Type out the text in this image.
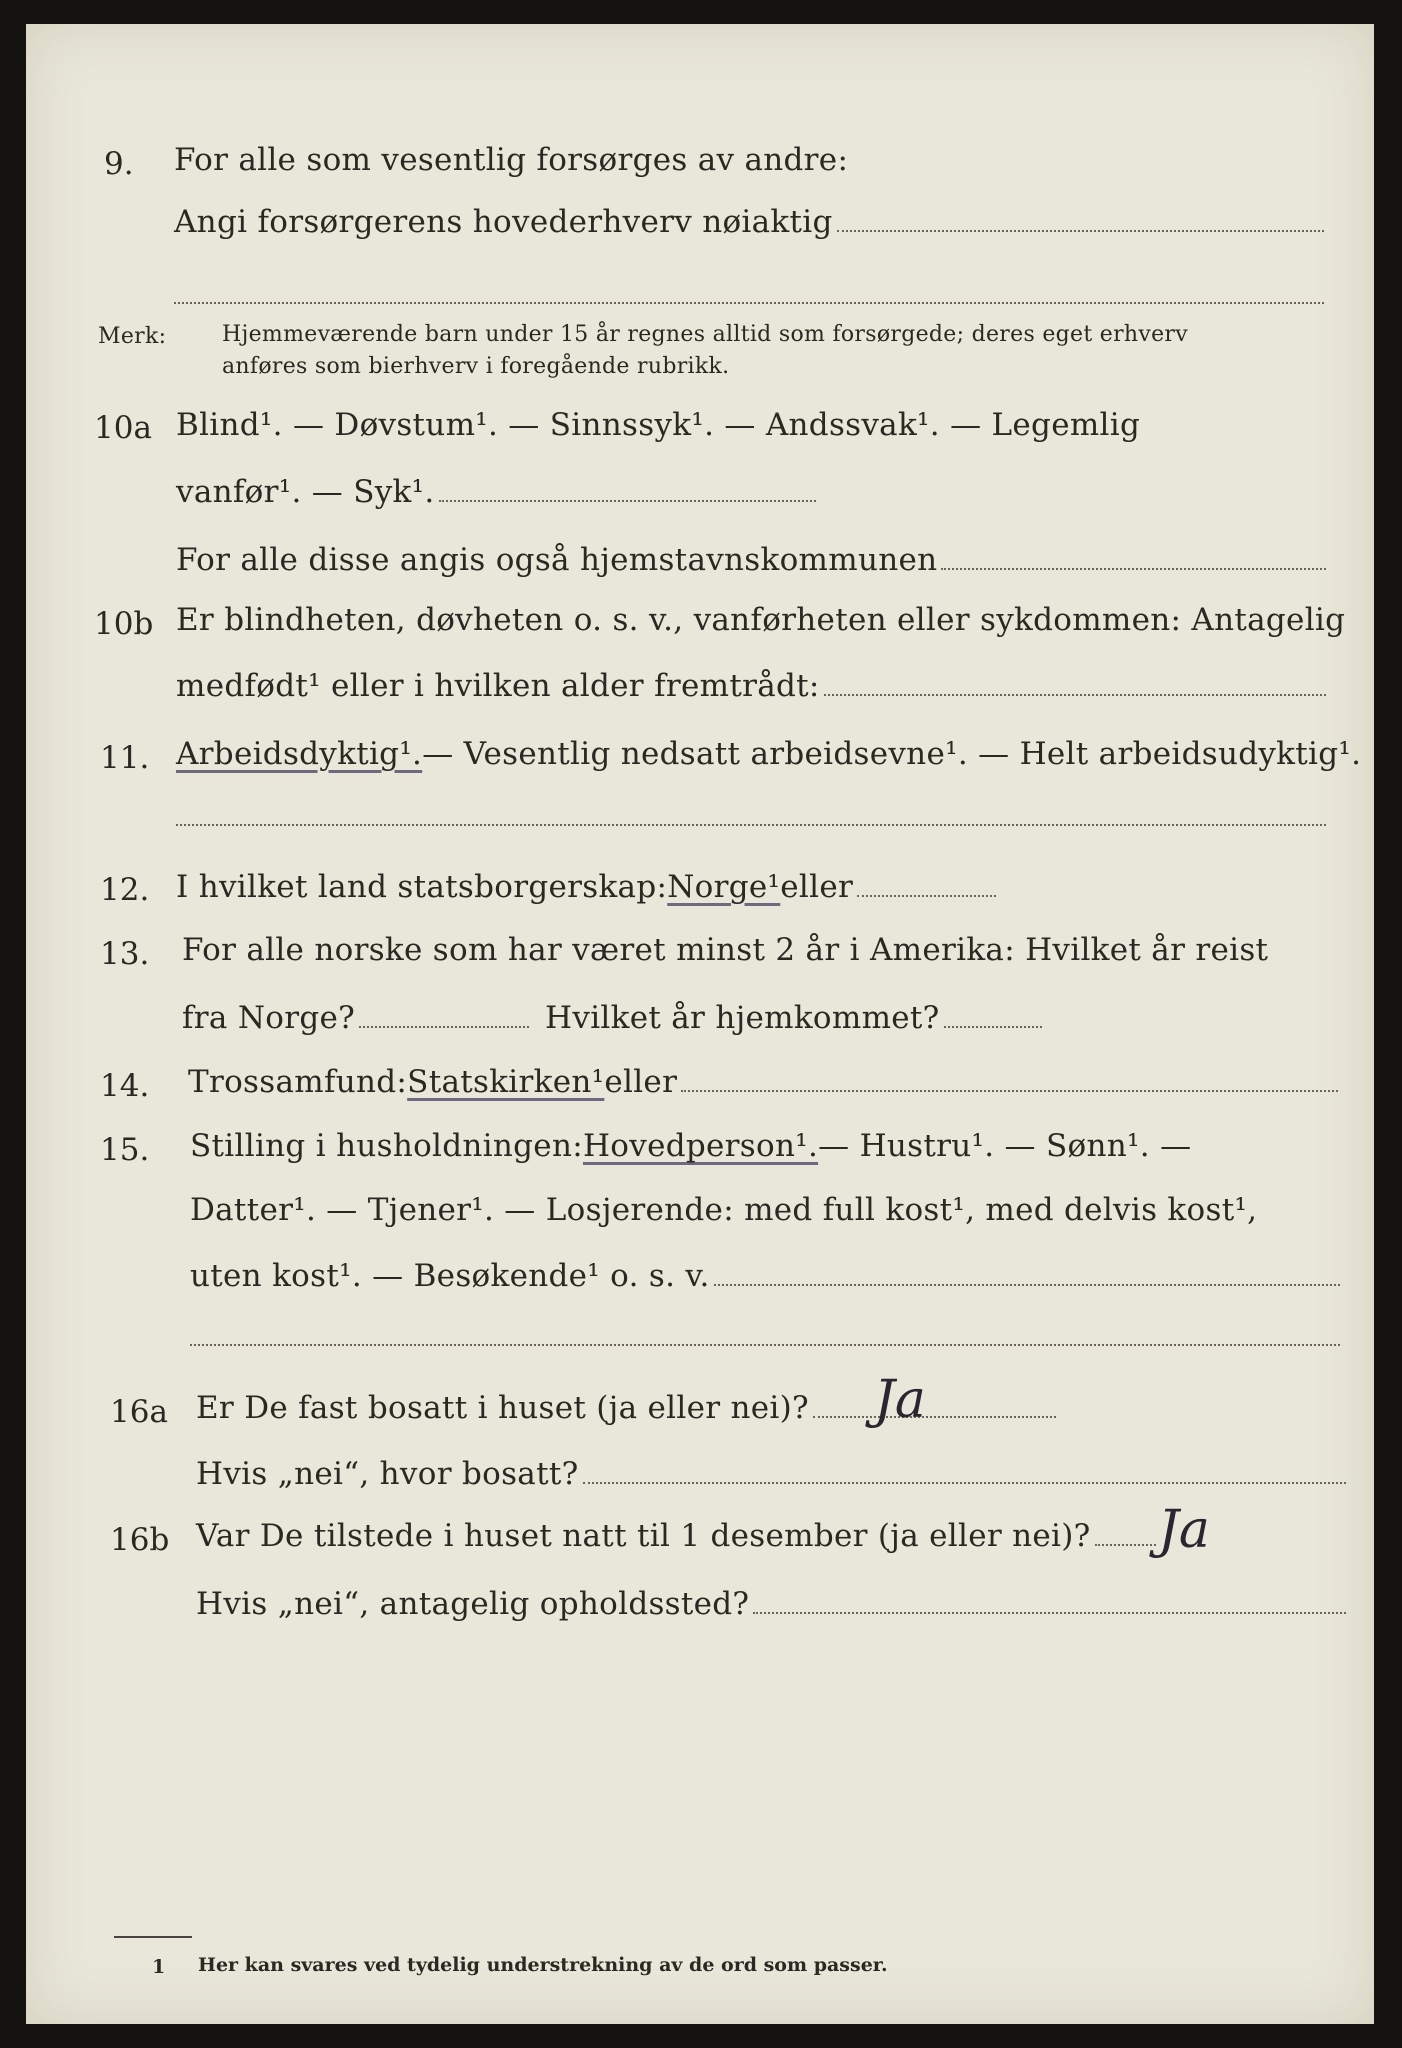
9. For alle som vesentlig forsørges av andre:
Angi forsørgerens hovederhverv nøiaktig
Merk:	Hjemmeværende barn under 15 år regnes alltid som forsørgede; deres eget erhverv
anføres som bierhverv i foregående rubrikk.
10a Blind¹. — Døvstum¹. — Sinnssyk¹. — Andssvak¹. — Legemlig
vanfør¹. — Syk¹.
For alle disse angis også hjemstavnskommunen
10b Er blindheten, døvheten o. s. v., vanførheten eller sykdommen: Antagelig
medfødt¹ eller i hvilken alder fremtrådt:
11. Arbeidsdyktig¹. — Vesentlig nedsatt arbeidsevne¹. — Helt arbeidsudyktig¹.
12. I hvilket land statsborgerskap: Norge¹ eller
13. For alle norske som har været minst 2 år i Amerika: Hvilket år reist
fra Norge?	Hvilket år hjemkommet?
14. Trossamfund: Statskirken¹ eller
15. Stilling i husholdningen: Hovedperson¹. — Hustru¹. — Sønn¹. —
Datter¹. — Tjener¹. — Losjerende: med full kost¹, med delvis kost¹,
uten kost¹. — Besøkende¹ o. s. v.
16a Er De fast bosatt i huset (ja eller nei)? Ja
Hvis „nei“, hvor bosatt?
16b Var De tilstede i huset natt til 1 desember (ja eller nei)? Ja
Hvis „nei“, antagelig opholdssted?
1 Her kan svares ved tydelig understrekning av de ord som passer.
